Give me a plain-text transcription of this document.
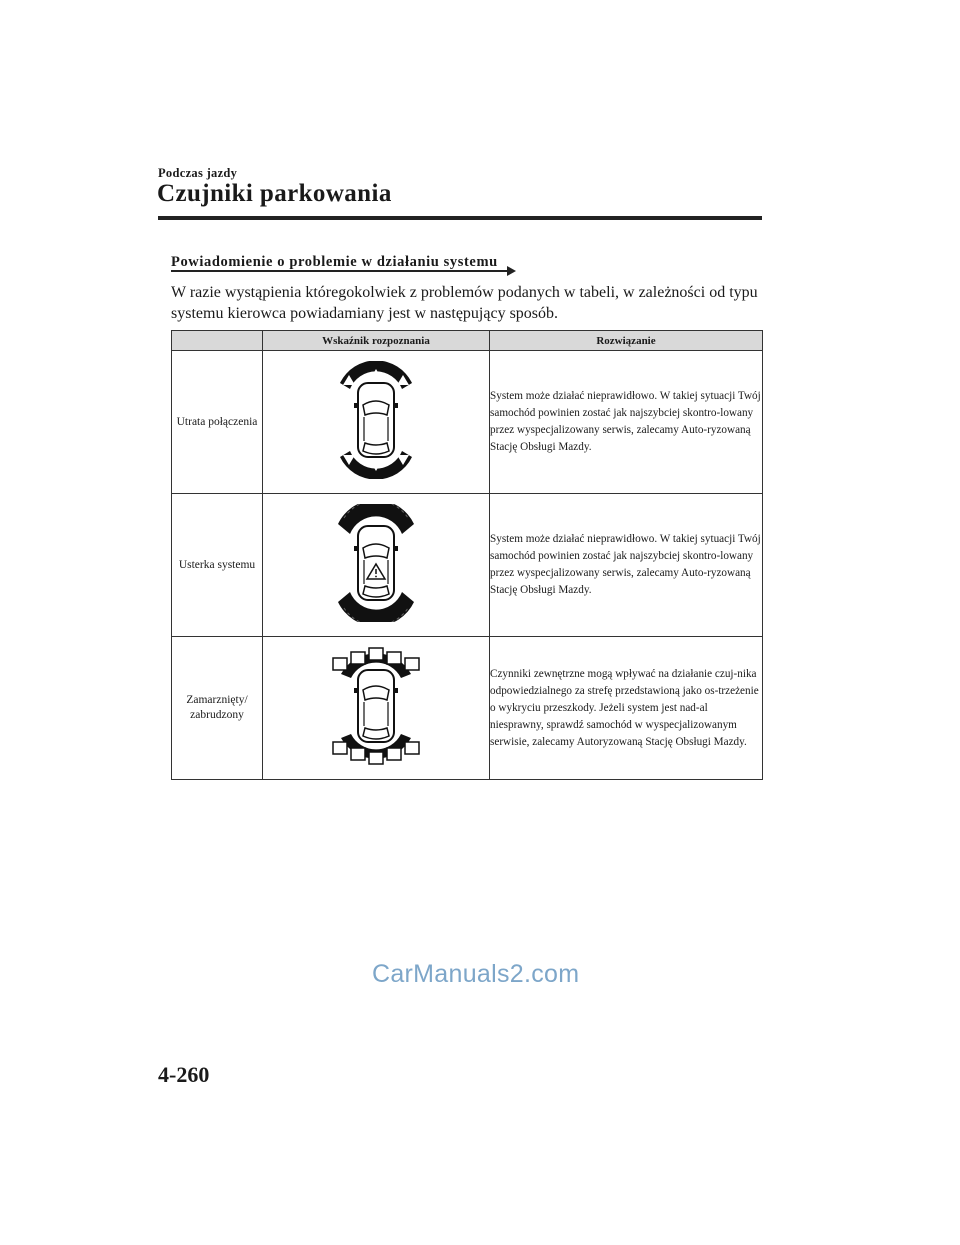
Podczas jazdy
Czujniki parkowania
Powiadomienie o problemie w działaniu systemu
W razie wystąpienia któregokolwiek z problemów podanych w tabeli, w zależności od typu systemu kierowca powiadamiany jest w następujący sposób.
	Wskaźnik rozpoznania	Rozwiązanie
Utrata połączenia		System może działać nieprawidłowo. W takiej sytuacji Twój samochód powinien zostać jak najszybciej skontro-lowany przez wyspecjalizowany serwis, zalecamy Auto-ryzowaną Stację Obsługi Mazdy.
Usterka systemu		System może działać nieprawidłowo. W takiej sytuacji Twój samochód powinien zostać jak najszybciej skontro-lowany przez wyspecjalizowany serwis, zalecamy Auto-ryzowaną Stację Obsługi Mazdy.
Zamarznięty/ zabrudzony		Czynniki zewnętrzne mogą wpływać na działanie czuj-nika odpowiedzialnego za strefę przedstawioną jako os-trzeżenie o wykryciu przeszkody. Jeżeli system jest nad-al niesprawny, sprawdź samochód w wyspecjalizowanym serwisie, zalecamy Autoryzowaną Stację Obsługi Mazdy.
CarManuals2.com
4-260
